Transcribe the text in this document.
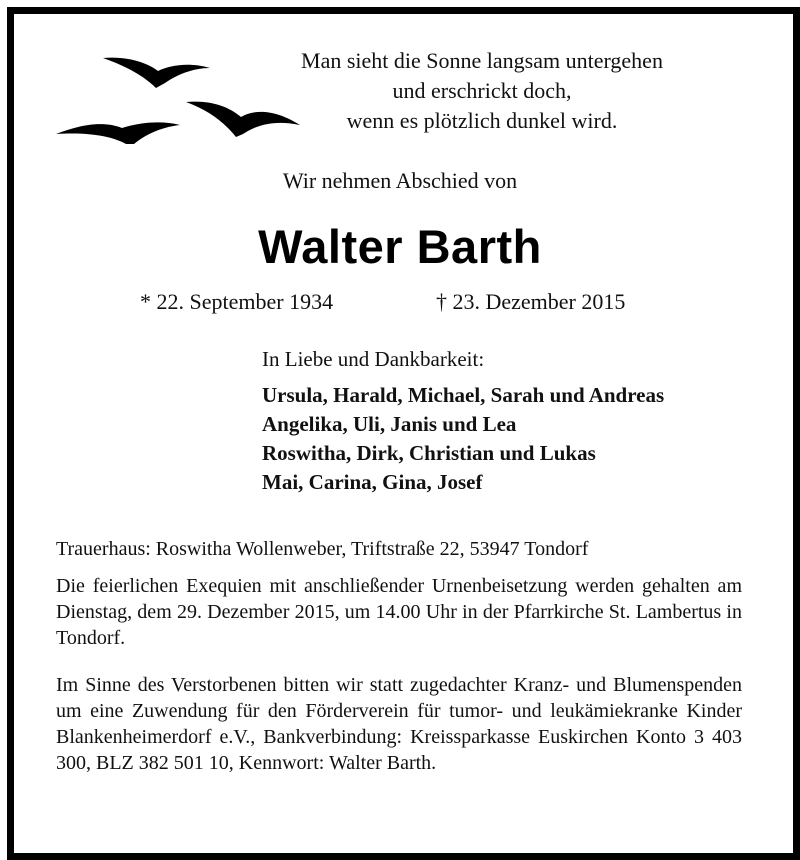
Man sieht die Sonne langsam untergehen
und erschrickt doch,
wenn es plötzlich dunkel wird.
Wir nehmen Abschied von
Walter Barth
* 22. September 1934	† 23. Dezember 2015
In Liebe und Dankbarkeit:
Ursula, Harald, Michael, Sarah und Andreas
Angelika, Uli, Janis und Lea
Roswitha, Dirk, Christian und Lukas
Mai, Carina, Gina, Josef
Trauerhaus: Roswitha Wollenweber, Triftstraße 22, 53947 Tondorf
Die feierlichen Exequien mit anschließender Urnenbeisetzung werden gehalten am Dienstag, dem 29. Dezember 2015, um 14.00 Uhr in der Pfarrkirche St. Lambertus in Tondorf.
Im Sinne des Verstorbenen bitten wir statt zugedachter Kranz- und Blumenspenden um eine Zuwendung für den Förderverein für tumor- und leukämiekranke Kinder Blankenheimerdorf e.V., Bankverbindung: Kreissparkasse Euskirchen Konto 3 403 300, BLZ 382 501 10, Kennwort: Walter Barth.
